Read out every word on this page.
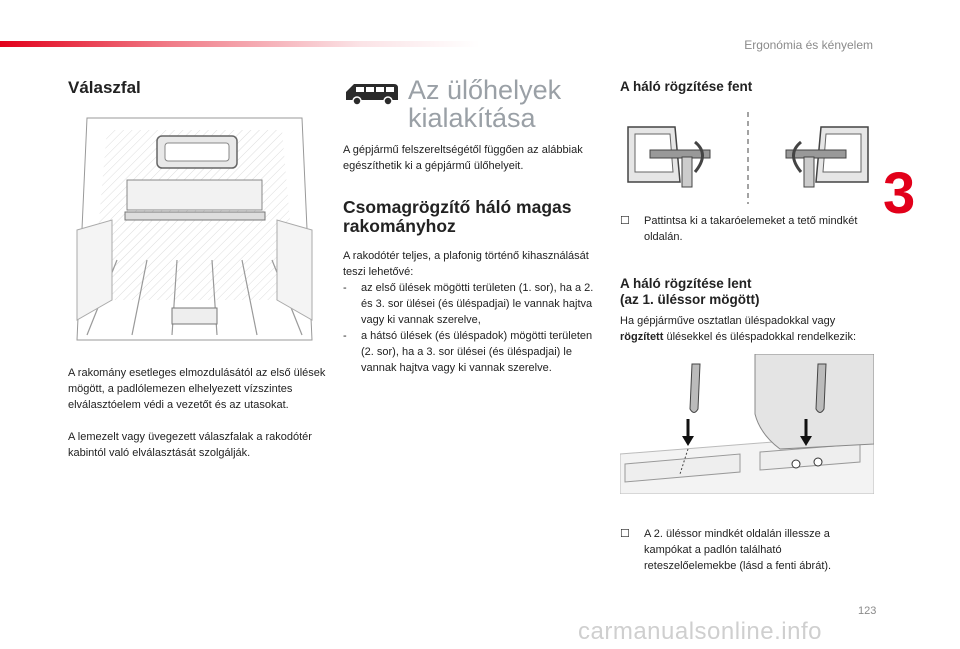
Ergonómia és kényelem
3
Válaszfal
A rakomány esetleges elmozdulásától az első ülések mögött, a padlólemezen elhelyezett vízszintes elválasztóelem védi a vezetőt és az utasokat.
A lemezelt vagy üvegezett válaszfalak a rakodótér kabintól való elválasztását szolgálják.
Az ülőhelyek
kialakítása
A gépjármű felszereltségétől függően az alábbiak egészíthetik ki a gépjármű ülőhelyeit.
Csomagrögzítő háló magas
rakományhoz
A rakodótér teljes, a plafonig történő kihasználását teszi lehetővé:
-	az első ülések mögötti területen (1. sor), ha a 2. és 3. sor ülései (és üléspadjai) le vannak hajtva vagy ki vannak szerelve,
-	a hátsó ülések (és üléspadok) mögötti területen (2. sor), ha a 3. sor ülései (és üléspadjai) le vannak hajtva vagy ki vannak szerelve.
A háló rögzítése fent
☐	Pattintsa ki a takaróelemeket a tető mindkét oldalán.
A háló rögzítése lent
(az 1. üléssor mögött)
Ha gépjárműve osztatlan üléspadokkal vagy rögzített ülésekkel és üléspadokkal rendelkezik:
☐	A 2. üléssor mindkét oldalán illessze a kampókat a padlón található reteszelőelemekbe (lásd a fenti ábrát).
123
carmanualsonline.info
